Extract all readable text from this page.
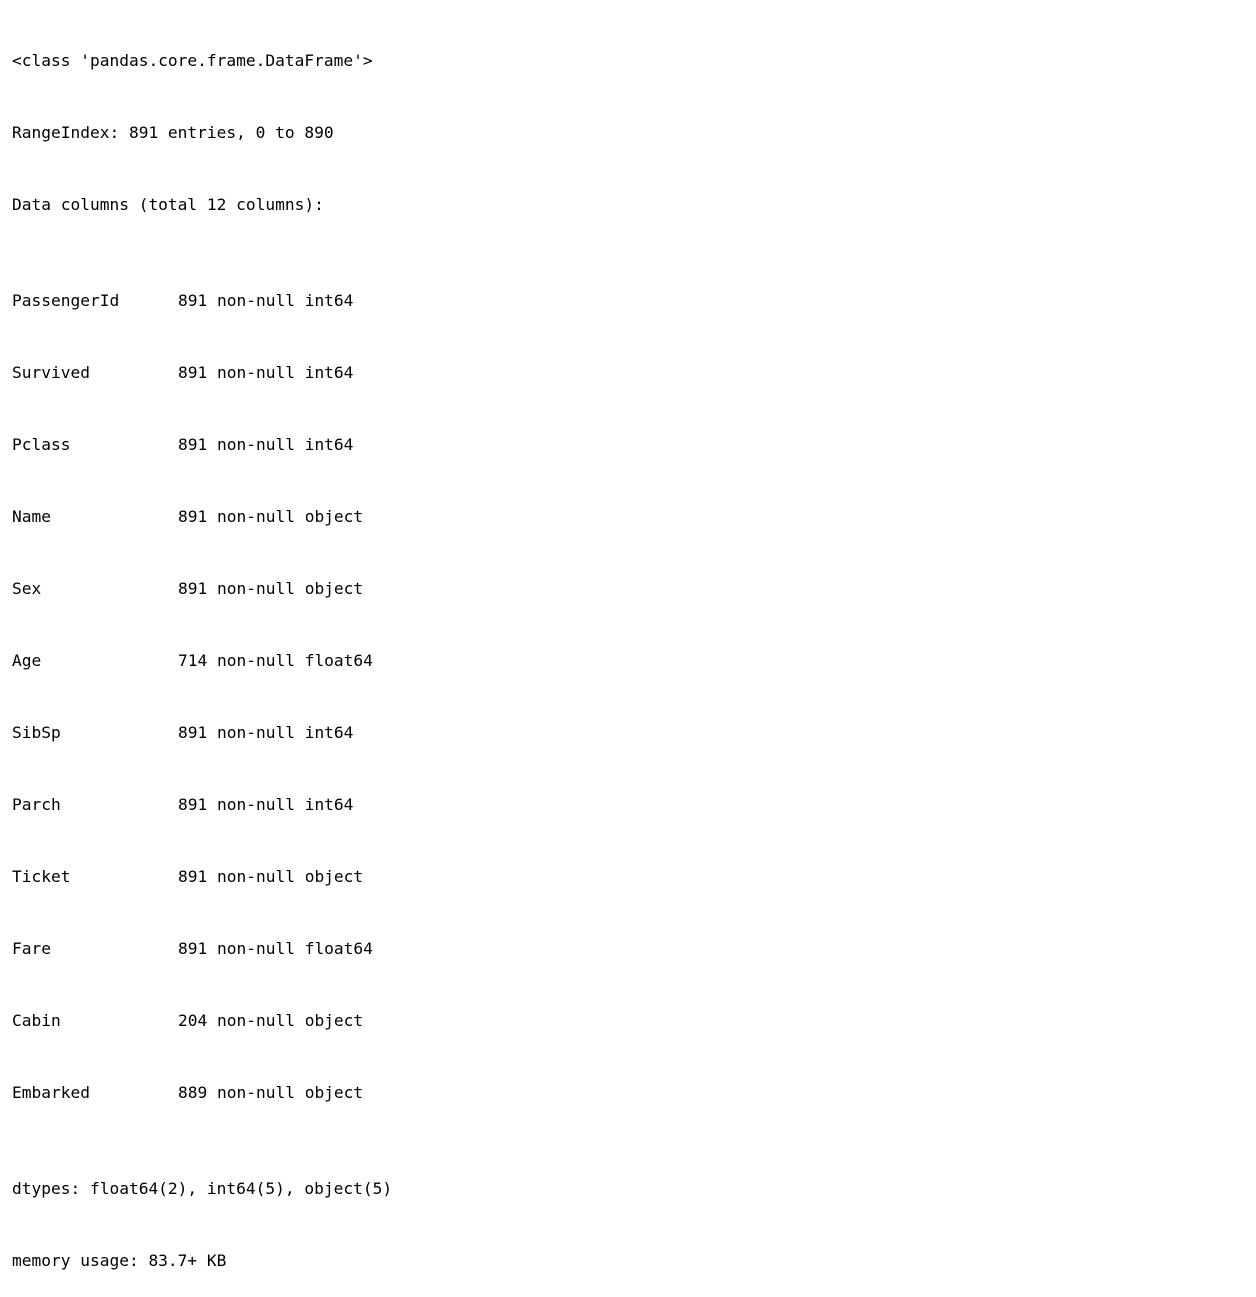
<class 'pandas.core.frame.DataFrame'>

RangeIndex: 891 entries, 0 to 890

Data columns (total 12 columns):

PassengerId	891 non-null int64

Survived	891 non-null int64

Pclass	891 non-null int64

Name	891 non-null object

Sex	891 non-null object

Age	714 non-null float64

SibSp	891 non-null int64

Parch	891 non-null int64

Ticket	891 non-null object

Fare	891 non-null float64

Cabin	204 non-null object

Embarked	889 non-null object

dtypes: float64(2), int64(5), object(5)

memory usage: 83.7+ KB
